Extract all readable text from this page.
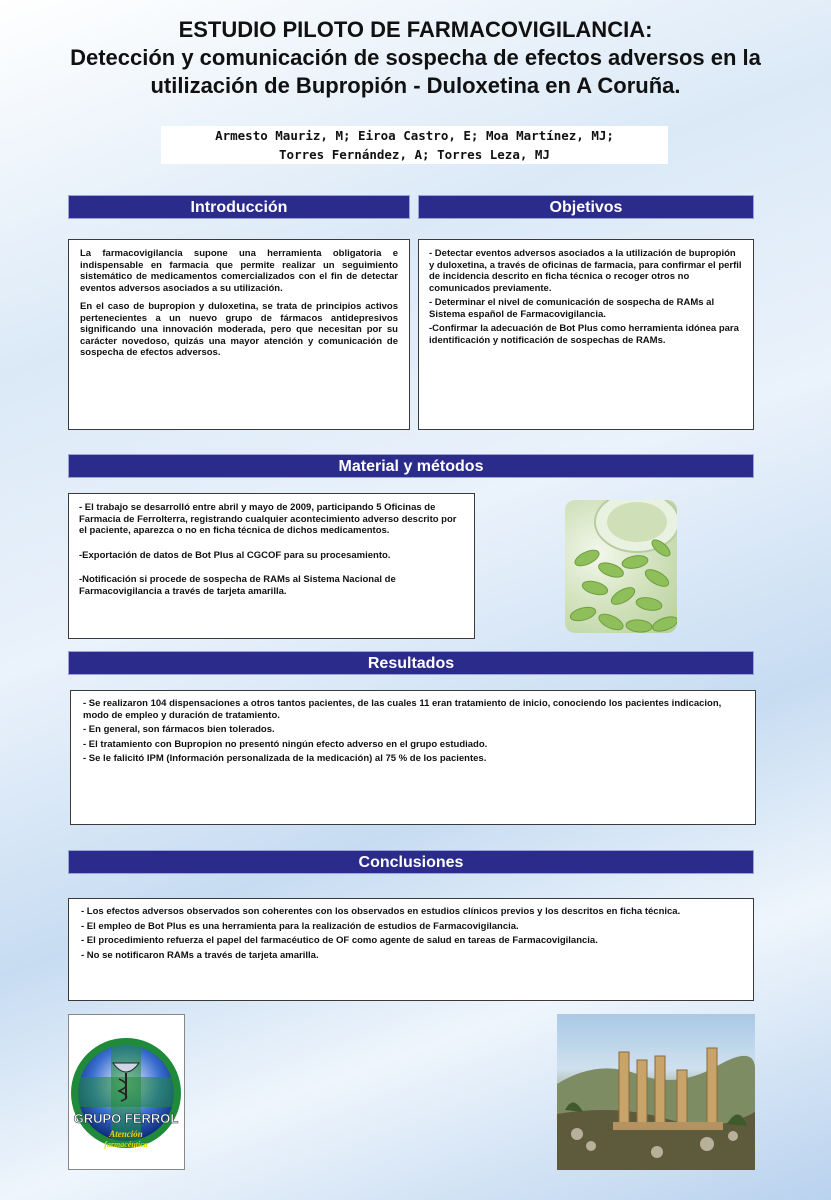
ESTUDIO PILOTO DE FARMACOVIGILANCIA:
Detección y comunicación de sospecha de efectos adversos en la
utilización de Bupropión - Duloxetina en A Coruña.
Armesto Mauriz, M; Eiroa Castro, E; Moa Martínez, MJ;
Torres Fernández, A; Torres Leza, MJ
Introducción

La farmacovigilancia supone una herramienta obligatoria e indispensable en farmacia que permite realizar un seguimiento sistemático de medicamentos comercializados con el fin de detectar eventos adversos asociados a su utilización.

En el caso de bupropion y duloxetina, se trata de principios activos pertenecientes a un nuevo grupo de fármacos antidepresivos significando una innovación moderada, pero que necesitan por su carácter novedoso, quizás una mayor atención y comunicación de sospecha de efectos adversos.

Objetivos
- Detectar eventos adversos asociados a la utilización de bupropión y duloxetina, a través de oficinas de farmacia, para confirmar el perfil de incidencia descrito en ficha técnica o recoger otros no comunicados previamente.
- Determinar el nivel de comunicación de sospecha de RAMs al Sistema español de Farmacovigilancia.
-Confirmar la adecuación de Bot Plus como herramienta idónea para identificación y notificación de sospechas de RAMs.
Material y métodos
- El trabajo se desarrolló entre abril y mayo de 2009, participando 5 Oficinas de Farmacia de Ferrolterra, registrando cualquier acontecimiento adverso descrito por el paciente, aparezca o no en ficha técnica de dichos medicamentos.
-Exportación de datos de Bot Plus al CGCOF para su procesamiento.
-Notificación si procede de sospecha de RAMs al Sistema Nacional de Farmacovigilancia a través de tarjeta amarilla.
Resultados
- Se realizaron 104 dispensaciones a otros tantos pacientes, de las cuales 11 eran tratamiento de inicio, conociendo los pacientes indicacion, modo de empleo y duración de tratamiento.
- En general, son fármacos bien tolerados.
- El tratamiento con Bupropion no presentó ningún efecto adverso en el grupo estudiado.
- Se le falicitó IPM (Información personalizada de la medicación) al 75 % de los pacientes.
Conclusiones
- Los efectos adversos observados son coherentes con los observados en estudios clínicos previos y los descritos en ficha técnica.
- El empleo de Bot Plus es una herramienta para la realización de estudios de Farmacovigilancia.
- El procedimiento refuerza el papel del farmacéutico de OF como agente de salud en tareas de Farmacovigilancia.
- No se notificaron RAMs a través de tarjeta amarilla.
GRUPO FERROL
Atención
farmacéutica
